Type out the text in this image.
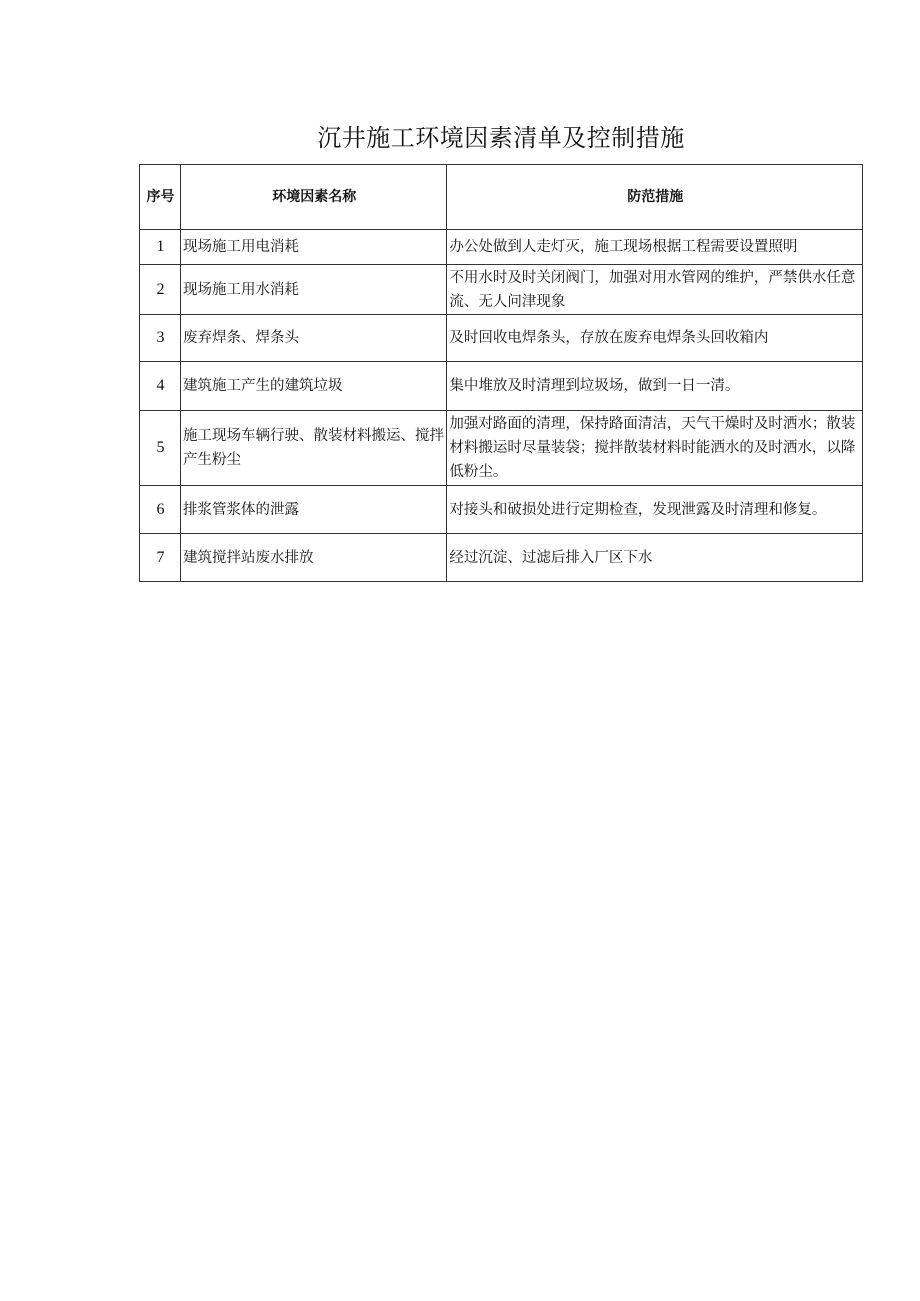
沉井施工环境因素清单及控制措施
序号	环境因素名称	防范措施
1	现场施工用电消耗	办公处做到人走灯灭，施工现场根据工程需要设置照明
2	现场施工用水消耗	不用水时及时关闭阀门，加强对用水管网的维护，严禁供水任意流、无人问津现象
3	废弃焊条、焊条头	及时回收电焊条头，存放在废弃电焊条头回收箱内
4	建筑施工产生的建筑垃圾	集中堆放及时清理到垃圾场，做到一日一清。
5	施工现场车辆行驶、散装材料搬运、搅拌产生粉尘	加强对路面的清理，保持路面清洁，天气干燥时及时洒水；散装材料搬运时尽量装袋；搅拌散装材料时能洒水的及时洒水，以降低粉尘。
6	排浆管浆体的泄露	对接头和破损处进行定期检查，发现泄露及时清理和修复。
7	建筑搅拌站废水排放	经过沉淀、过滤后排入厂区下水
